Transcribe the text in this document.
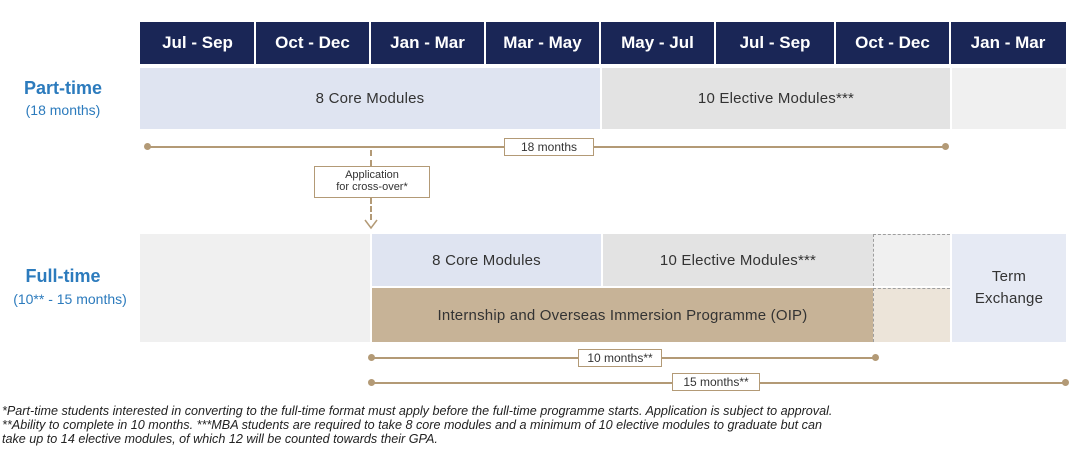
Jul - Sep Oct - Dec Jan - Mar Mar - May May - Jul	Jul - Sep	Oct - Dec Jan - Mar
Part-time
(18 months)
8 Core Modules	10 Elective Modules***
18 months
Application
for cross-over*
Full-time
(10** - 15 months)
8 Core Modules	10 Elective Modules***
Internship and Overseas Immersion Programme (OIP)
Term
Exchange
10 months**
15 months**
*Part-time students interested in converting to the full-time format must apply before the full-time programme starts. Application is subject to approval.
**Ability to complete in 10 months. ***MBA students are required to take 8 core modules and a minimum of 10 elective modules to graduate but can
take up to 14 elective modules, of which 12 will be counted towards their GPA.
